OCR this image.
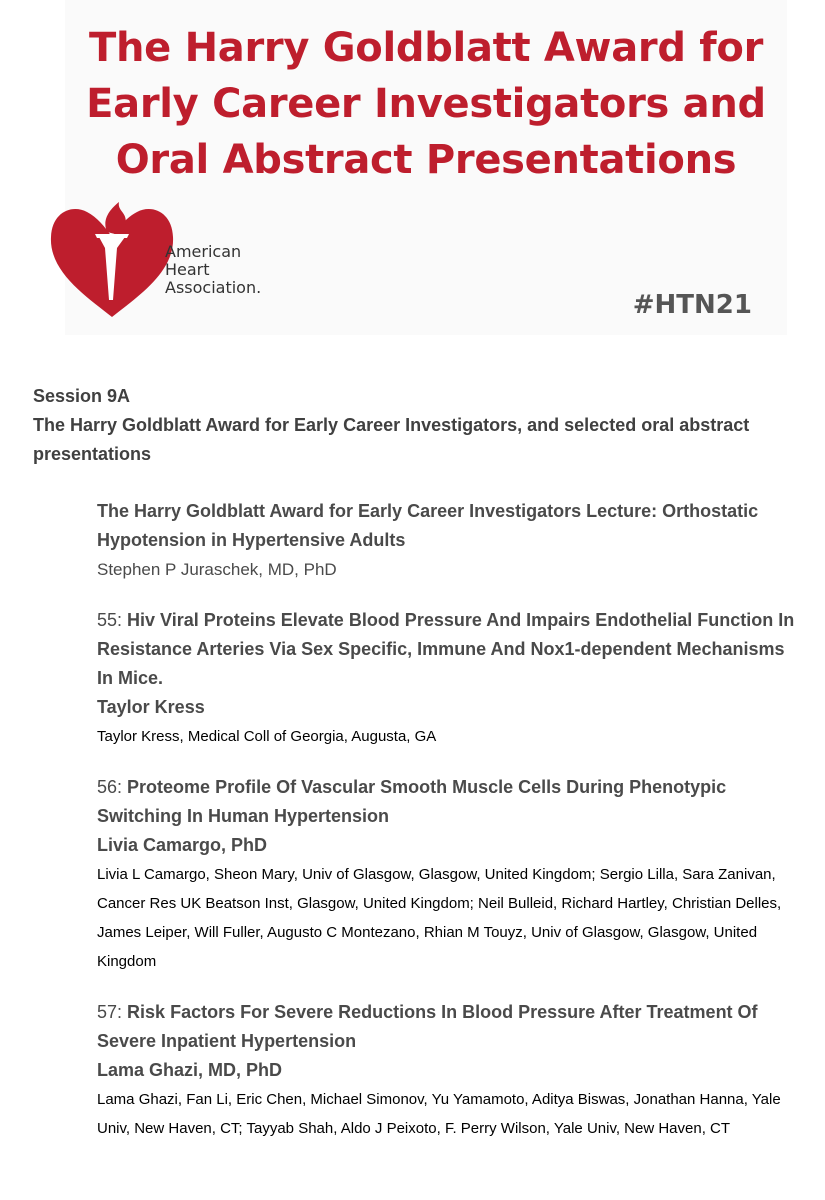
The Harry Goldblatt Award for
Early Career Investigators and
Oral Abstract Presentations
American
Heart
Association.
#HTN21
Session 9A
The Harry Goldblatt Award for Early Career Investigators, and selected oral abstract presentations
The Harry Goldblatt Award for Early Career Investigators Lecture: Orthostatic Hypotension in Hypertensive Adults
Stephen P Juraschek, MD, PhD
55: Hiv Viral Proteins Elevate Blood Pressure And Impairs Endothelial Function In Resistance Arteries Via Sex Specific, Immune And Nox1-dependent Mechanisms In Mice.
Taylor Kress
Taylor Kress, Medical Coll of Georgia, Augusta, GA
56: Proteome Profile Of Vascular Smooth Muscle Cells During Phenotypic Switching In Human Hypertension
Livia Camargo, PhD
Livia L Camargo, Sheon Mary, Univ of Glasgow, Glasgow, United Kingdom; Sergio Lilla, Sara Zanivan, Cancer Res UK Beatson Inst, Glasgow, United Kingdom; Neil Bulleid, Richard Hartley, Christian Delles, James Leiper, Will Fuller, Augusto C Montezano, Rhian M Touyz, Univ of Glasgow, Glasgow, United Kingdom
57: Risk Factors For Severe Reductions In Blood Pressure After Treatment Of Severe Inpatient Hypertension
Lama Ghazi, MD, PhD
Lama Ghazi, Fan Li, Eric Chen, Michael Simonov, Yu Yamamoto, Aditya Biswas, Jonathan Hanna, Yale Univ, New Haven, CT; Tayyab Shah, Aldo J Peixoto, F. Perry Wilson, Yale Univ, New Haven, CT
